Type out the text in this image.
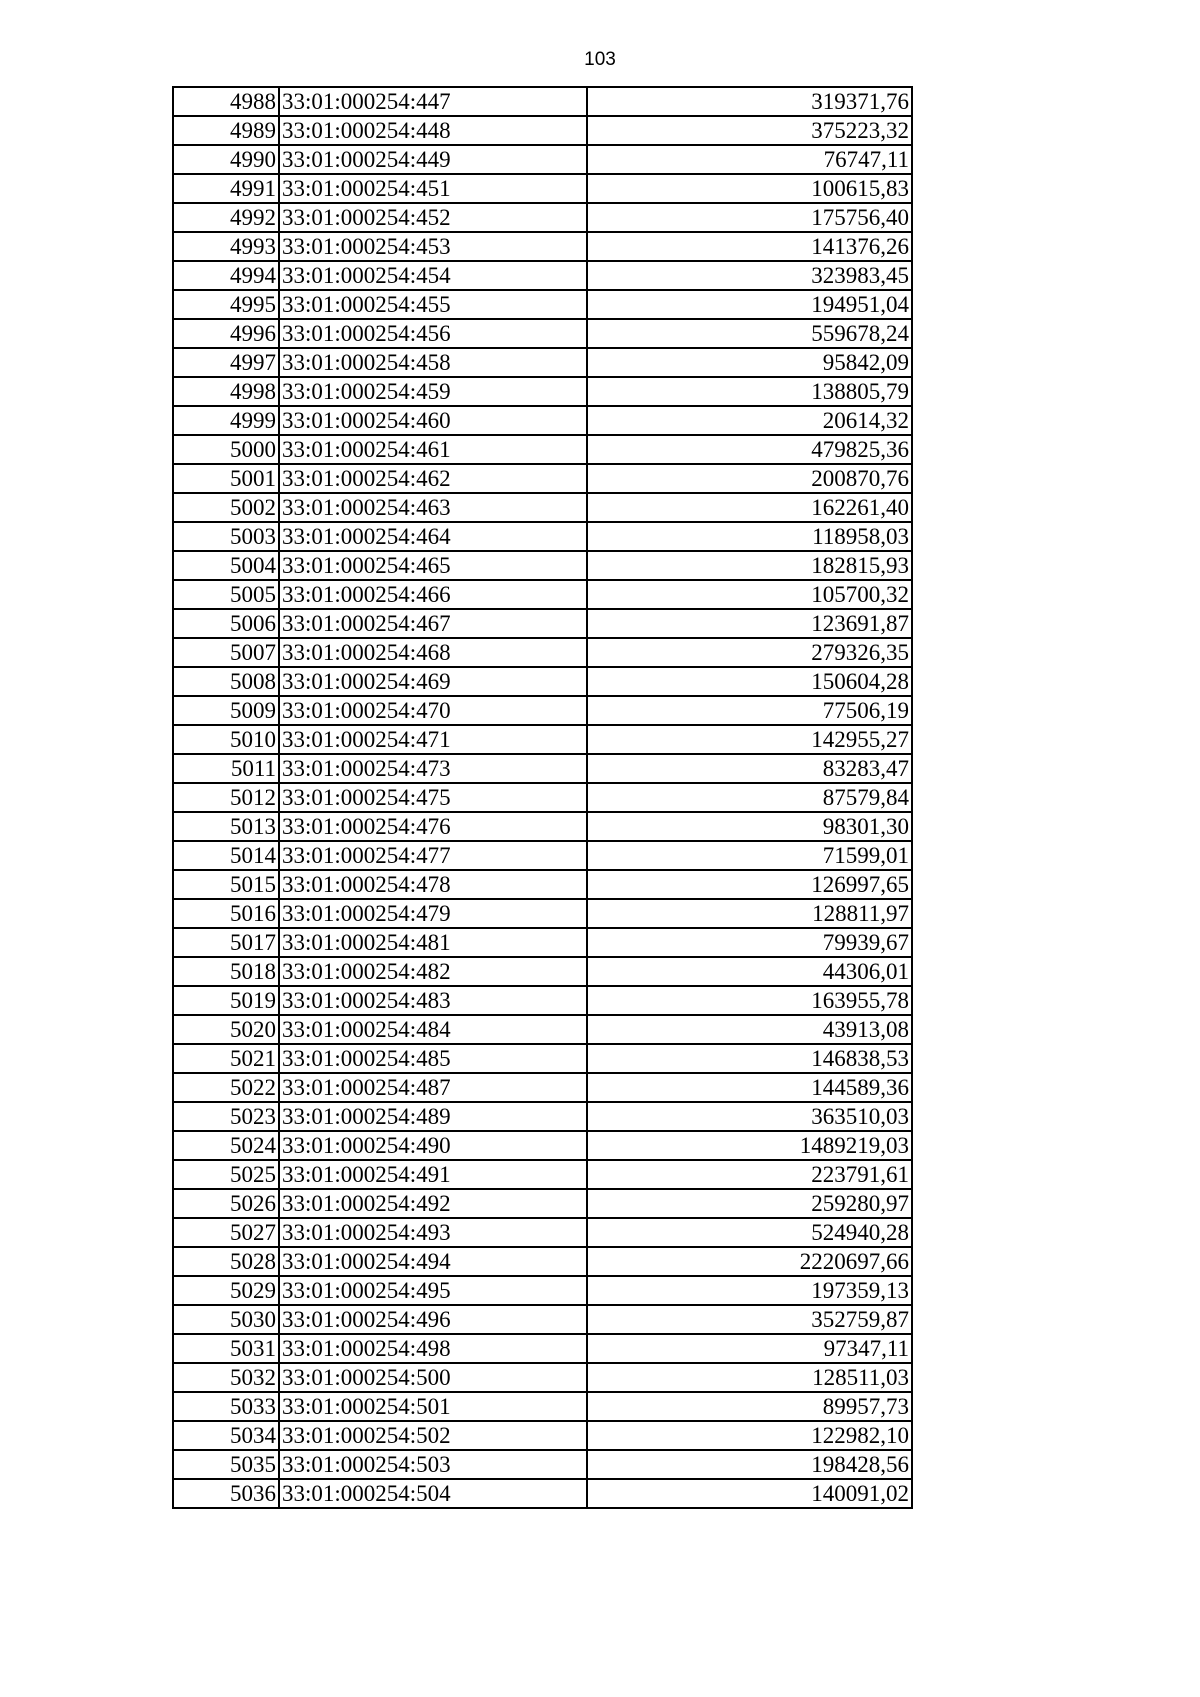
103
4988	33:01:000254:447	319371,76
4989	33:01:000254:448	375223,32
4990	33:01:000254:449	76747,11
4991	33:01:000254:451	100615,83
4992	33:01:000254:452	175756,40
4993	33:01:000254:453	141376,26
4994	33:01:000254:454	323983,45
4995	33:01:000254:455	194951,04
4996	33:01:000254:456	559678,24
4997	33:01:000254:458	95842,09
4998	33:01:000254:459	138805,79
4999	33:01:000254:460	20614,32
5000	33:01:000254:461	479825,36
5001	33:01:000254:462	200870,76
5002	33:01:000254:463	162261,40
5003	33:01:000254:464	118958,03
5004	33:01:000254:465	182815,93
5005	33:01:000254:466	105700,32
5006	33:01:000254:467	123691,87
5007	33:01:000254:468	279326,35
5008	33:01:000254:469	150604,28
5009	33:01:000254:470	77506,19
5010	33:01:000254:471	142955,27
5011	33:01:000254:473	83283,47
5012	33:01:000254:475	87579,84
5013	33:01:000254:476	98301,30
5014	33:01:000254:477	71599,01
5015	33:01:000254:478	126997,65
5016	33:01:000254:479	128811,97
5017	33:01:000254:481	79939,67
5018	33:01:000254:482	44306,01
5019	33:01:000254:483	163955,78
5020	33:01:000254:484	43913,08
5021	33:01:000254:485	146838,53
5022	33:01:000254:487	144589,36
5023	33:01:000254:489	363510,03
5024	33:01:000254:490	1489219,03
5025	33:01:000254:491	223791,61
5026	33:01:000254:492	259280,97
5027	33:01:000254:493	524940,28
5028	33:01:000254:494	2220697,66
5029	33:01:000254:495	197359,13
5030	33:01:000254:496	352759,87
5031	33:01:000254:498	97347,11
5032	33:01:000254:500	128511,03
5033	33:01:000254:501	89957,73
5034	33:01:000254:502	122982,10
5035	33:01:000254:503	198428,56
5036	33:01:000254:504	140091,02
